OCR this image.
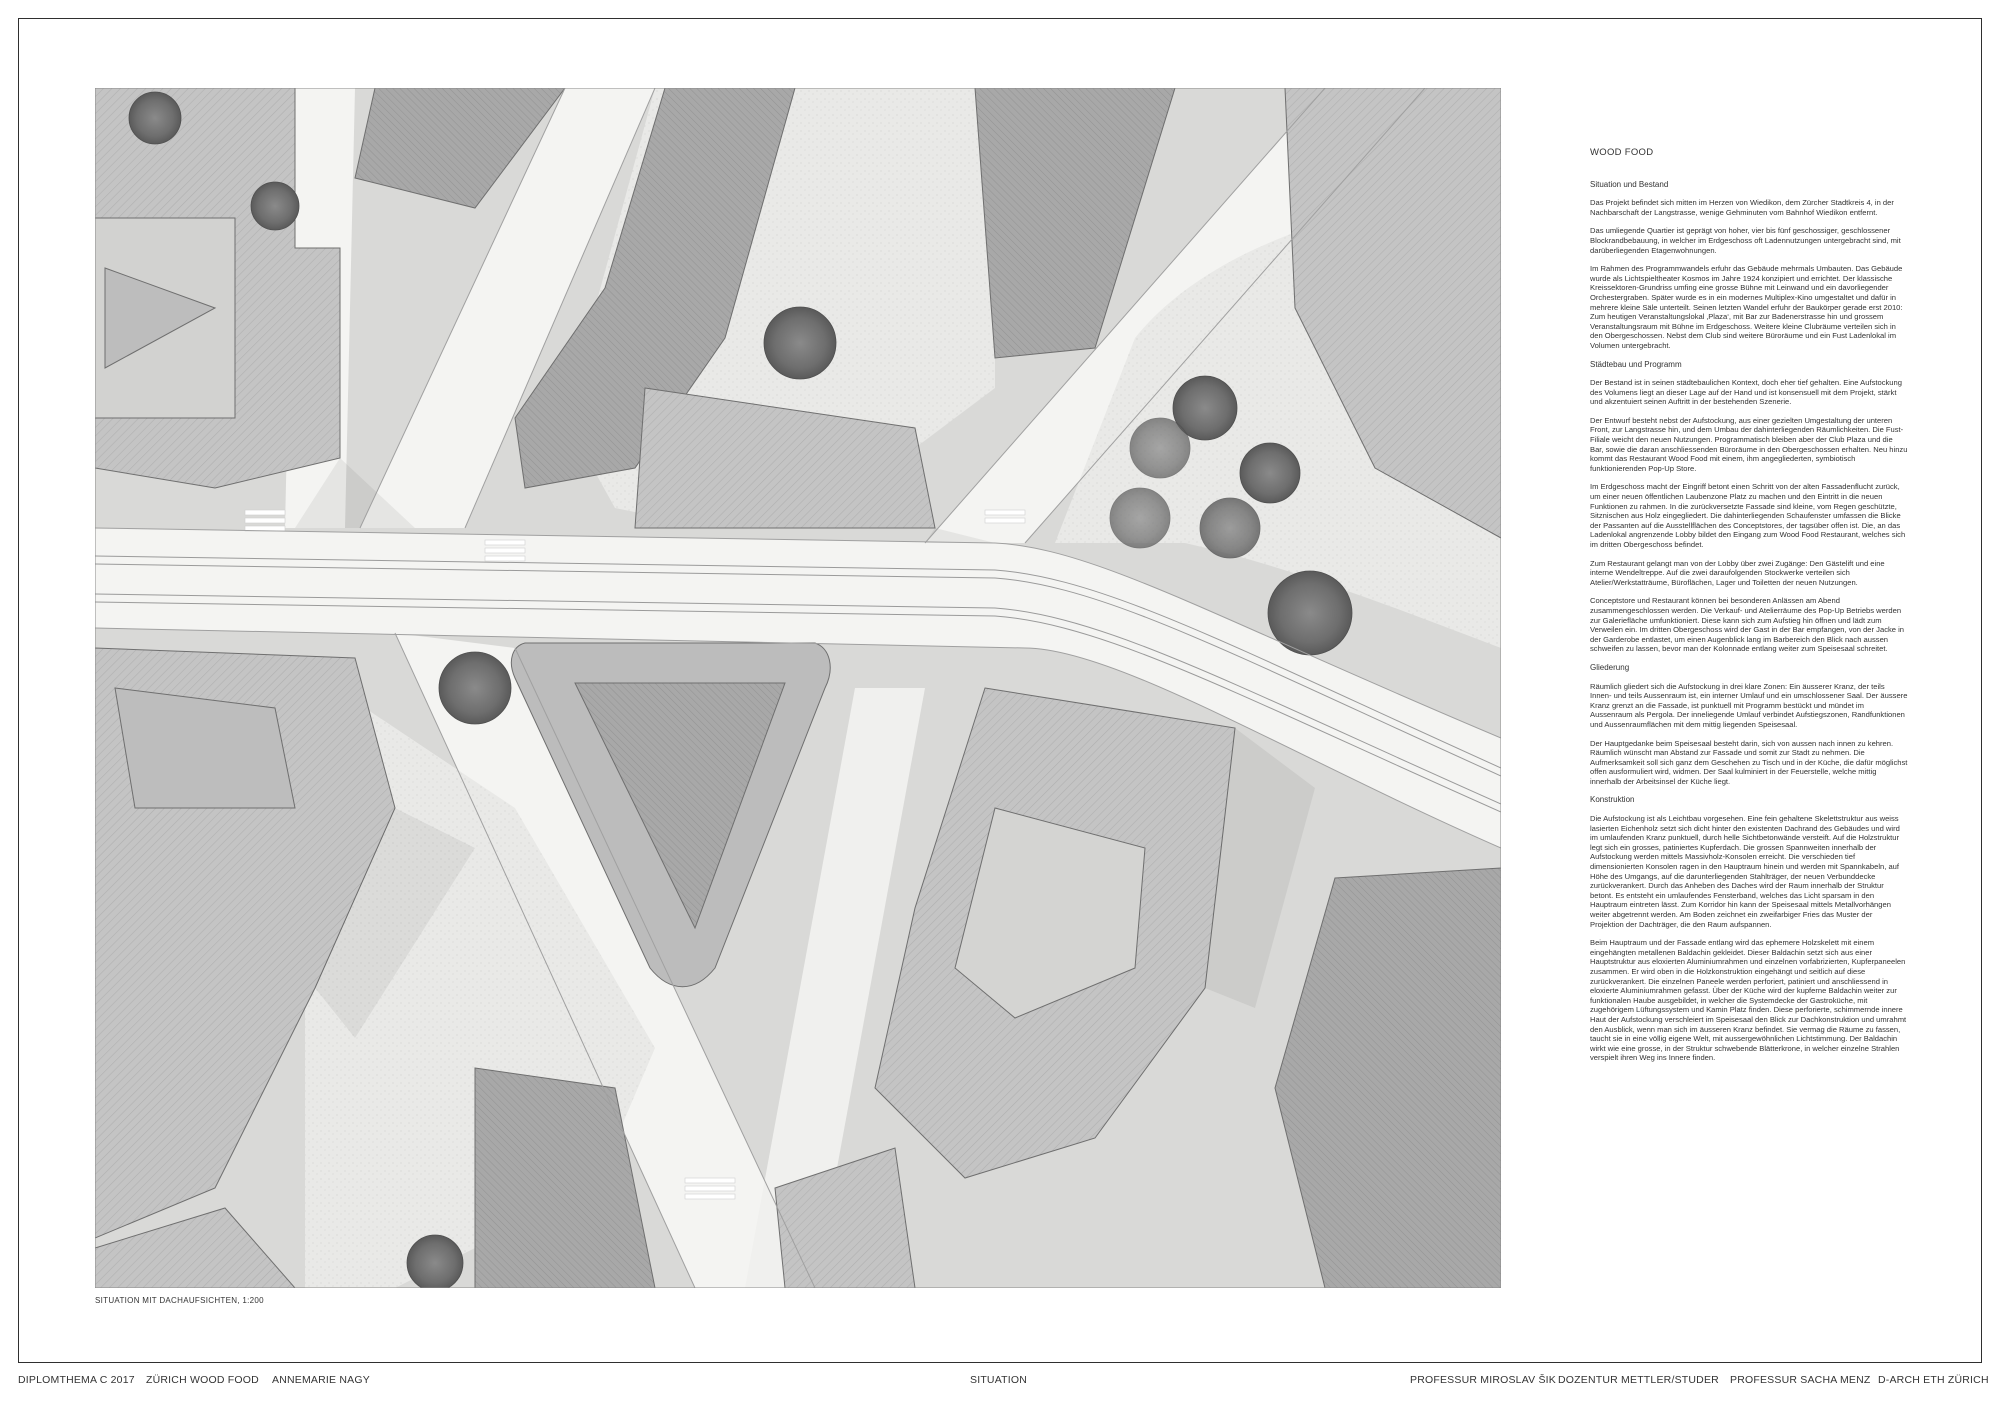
SITUATION MIT DACHAUFSICHTEN, 1:200
WOOD FOOD
Situation und Bestand

Das Projekt befindet sich mitten im Herzen von Wiedikon, dem Zürcher Stadtkreis 4, in der Nachbarschaft der Langstrasse, wenige Gehminuten vom Bahnhof Wiedikon entfernt.

Das umliegende Quartier ist geprägt von hoher, vier bis fünf geschossiger, geschlossener Blockrandbebauung, in welcher im Erdgeschoss oft Ladennutzungen untergebracht sind, mit darüberliegenden Etagenwohnungen.

Im Rahmen des Programmwandels erfuhr das Gebäude mehrmals Umbauten. Das Gebäude wurde als Lichtspieltheater Kosmos im Jahre 1924 konzipiert und errichtet. Der klassische Kreissektoren-Grundriss umfing eine grosse Bühne mit Leinwand und ein davorliegender Orchestergraben. Später wurde es in ein modernes Multiplex-Kino umgestaltet und dafür in mehrere kleine Säle unterteilt. Seinen letzten Wandel erfuhr der Baukörper gerade erst 2010: Zum heutigen Veranstaltungslokal ‚Plaza‘, mit Bar zur Badenerstrasse hin und grossem Veranstaltungsraum mit Bühne im Erdgeschoss. Weitere kleine Clubräume verteilen sich in den Obergeschossen. Nebst dem Club sind weitere Büroräume und ein Fust Ladenlokal im Volumen untergebracht.

Städtebau und Programm

Der Bestand ist in seinen städtebaulichen Kontext, doch eher tief gehalten. Eine Aufstockung des Volumens liegt an dieser Lage auf der Hand und ist konsensuell mit dem Projekt, stärkt und akzentuiert seinen Auftritt in der bestehenden Szenerie.

Der Entwurf besteht nebst der Aufstockung, aus einer gezielten Umgestaltung der unteren Front, zur Langstrasse hin, und dem Umbau der dahinterliegenden Räumlichkeiten. Die Fust-Filiale weicht den neuen Nutzungen. Programmatisch bleiben aber der Club Plaza und die Bar, sowie die daran anschliessenden Büroräume in den Obergeschossen erhalten. Neu hinzu kommt das Restaurant Wood Food mit einem, ihm angegliederten, symbiotisch funktionierenden Pop-Up Store.

Im Erdgeschoss macht der Eingriff betont einen Schritt von der alten Fassadenflucht zurück, um einer neuen öffentlichen Laubenzone Platz zu machen und den Eintritt in die neuen Funktionen zu rahmen. In die zurückversetzte Fassade sind kleine, vom Regen geschützte, Sitznischen aus Holz eingegliedert. Die dahinterliegenden Schaufenster umfassen die Blicke der Passanten auf die Ausstellflächen des Conceptstores, der tagsüber offen ist. Die, an das Ladenlokal angrenzende Lobby bildet den Eingang zum Wood Food Restaurant, welches sich im dritten Obergeschoss befindet.

Zum Restaurant gelangt man von der Lobby über zwei Zugänge: Den Gästelift und eine interne Wendeltreppe. Auf die zwei daraufolgenden Stockwerke verteilen sich Atelier/Werkstatträume, Büroflächen, Lager und Toiletten der neuen Nutzungen.

Conceptstore und Restaurant können bei besonderen Anlässen am Abend zusammengeschlossen werden. Die Verkauf- und Atelierräume des Pop-Up Betriebs werden zur Galeriefläche umfunktioniert. Diese kann sich zum Aufstieg hin öffnen und lädt zum Verweilen ein. Im dritten Obergeschoss wird der Gast in der Bar empfangen, von der Jacke in der Garderobe entlastet, um einen Augenblick lang im Barbereich den Blick nach aussen schweifen zu lassen, bevor man der Kolonnade entlang weiter zum Speisesaal schreitet.

Gliederung

Räumlich gliedert sich die Aufstockung in drei klare Zonen: Ein äusserer Kranz, der teils Innen- und teils Aussenraum ist, ein interner Umlauf und ein umschlossener Saal. Der äussere Kranz grenzt an die Fassade, ist punktuell mit Programm bestückt und mündet im Aussenraum als Pergola. Der inneliegende Umlauf verbindet Aufstiegszonen, Randfunktionen und Aussenraumflächen mit dem mittig liegenden Speisesaal.

Der Hauptgedanke beim Speisesaal besteht darin, sich von aussen nach innen zu kehren. Räumlich wünscht man Abstand zur Fassade und somit zur Stadt zu nehmen. Die Aufmerksamkeit soll sich ganz dem Geschehen zu Tisch und in der Küche, die dafür möglichst offen ausformuliert wird, widmen. Der Saal kulminiert in der Feuerstelle, welche mittig innerhalb der Arbeitsinsel der Küche liegt.

Konstruktion

Die Aufstockung ist als Leichtbau vorgesehen. Eine fein gehaltene Skelettstruktur aus weiss lasierten Eichenholz setzt sich dicht hinter den existenten Dachrand des Gebäudes und wird im umlaufenden Kranz punktuell, durch helle Sichtbetonwände versteift. Auf die Holzstruktur legt sich ein grosses, patiniertes Kupferdach. Die grossen Spannweiten innerhalb der Aufstockung werden mittels Massivholz-Konsolen erreicht. Die verschieden tief dimensionierten Konsolen ragen in den Hauptraum hinein und werden mit Spannkabeln, auf Höhe des Umgangs, auf die darunterliegenden Stahlträger, der neuen Verbunddecke zurückverankert. Durch das Anheben des Daches wird der Raum innerhalb der Struktur betont. Es entsteht ein umlaufendes Fensterband, welches das Licht sparsam in den Hauptraum eintreten lässt. Zum Korridor hin kann der Speisesaal mittels Metallvorhängen weiter abgetrennt werden. Am Boden zeichnet ein zweifarbiger Fries das Muster der Projektion der Dachträger, die den Raum aufspannen.

Beim Hauptraum und der Fassade entlang wird das ephemere Holzskelett mit einem eingehängten metallenen Baldachin gekleidet. Dieser Baldachin setzt sich aus einer Hauptstruktur aus eloxierten Aluminiumrahmen und einzelnen vorfabrizierten, Kupferpaneelen zusammen. Er wird oben in die Holzkonstruktion eingehängt und seitlich auf diese zurückverankert. Die einzelnen Paneele werden perforiert, patiniert und anschliessend in eloxierte Aluminiumrahmen gefasst. Über der Küche wird der kupferne Baldachin weiter zur funktionalen Haube ausgebildet, in welcher die Systemdecke der Gastroküche, mit zugehörigem Lüftungssystem und Kamin Platz finden. Diese perforierte, schimmernde innere Haut der Aufstockung verschleiert im Speisesaal den Blick zur Dachkonstruktion und umrahmt den Ausblick, wenn man sich im äusseren Kranz befindet. Sie vermag die Räume zu fassen, taucht sie in eine völlig eigene Welt, mit aussergewöhnlichen Lichtstimmung. Der Baldachin wirkt wie eine grosse, in der Struktur schwebende Blätterkrone, in welcher einzelne Strahlen verspielt ihren Weg ins Innere finden.

DIPLOMTHEMA C 2017 ZÜRICH WOOD FOOD ANNEMARIE NAGY	SITUATION	PROFESSUR MIROSLAV ŠIK DOZENTUR METTLER/STUDER PROFESSUR SACHA MENZ D-ARCH ETH ZÜRICH
